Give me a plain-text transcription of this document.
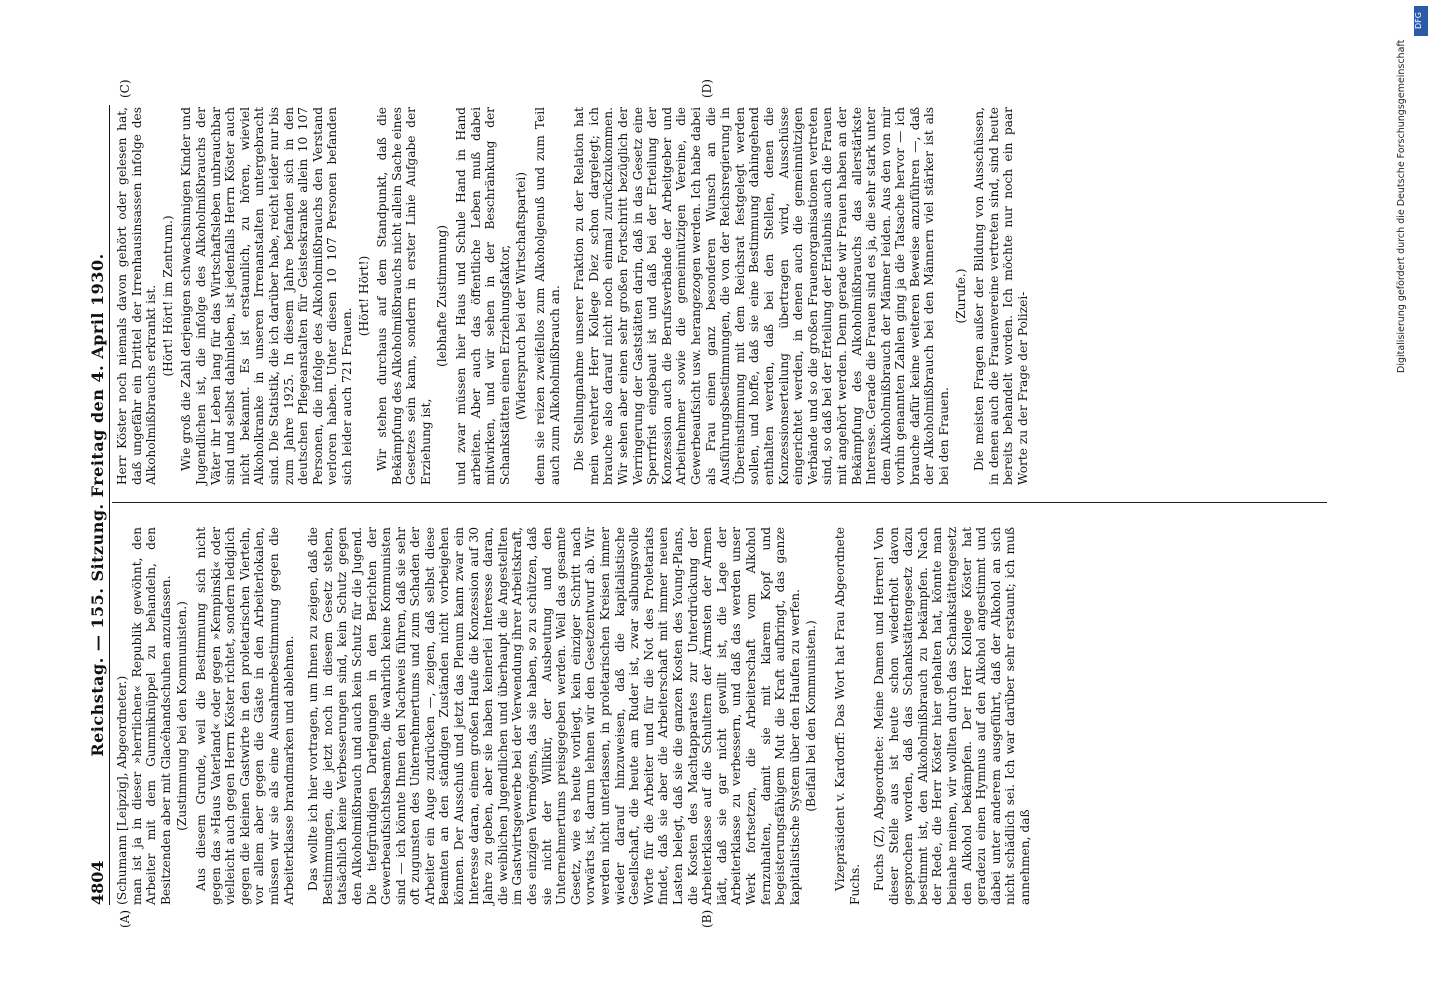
4804
Reichstag. — 155. Sitzung. Freitag den 4. April 1930.
(A)	(B)
(C)	(D)

(Schumann [Leipzig], Abgeordneter.) man ist ja in dieser »herrlichen« Republik gewöhnt, den Arbeiter mit dem Gummiknüppel zu behandeln, den Besitzenden aber mit Glacéhandschuhen anzufassen. (Zustimmung bei den Kommunisten.) Aus diesem Grunde, weil die Bestimmung sich nicht gegen das »Haus Vaterland« oder gegen »Kempinski« oder vielleicht auch gegen Herrn Köster richtet, sondern lediglich gegen die kleinen Gastwirte in den proletarischen Vierteln, vor allem aber gegen die Gäste in den Arbeiterlokalen, müssen wir sie als eine Ausnahmebestimmung gegen die Arbeiterklasse brandmarken und ablehnen. Das wollte ich hier vortragen, um Ihnen zu zeigen, daß die Bestimmungen, die jetzt noch in diesem Gesetz stehen, tatsächlich keine Verbesserungen sind, kein Schutz gegen den Alkoholmißbrauch und auch kein Schutz für die Jugend. Die tiefgründigen Darlegungen in den Berichten der Gewerbeaufsichtsbeamten, die wahrlich keine Kommunisten sind — ich könnte Ihnen den Nachweis führen, daß sie sehr oft zugunsten des Unternehmertums und zum Schaden der Arbeiter ein Auge zudrücken —, zeigen, daß selbst diese Beamten an den ständigen Zuständen nicht vorbeigehen können. Der Ausschuß und jetzt das Plenum kann zwar ein Interesse daran, einem großen Haufe die Konzession auf 30 Jahre zu geben, aber sie haben keinerlei Interesse daran, die weiblichen Jugendlichen und überhaupt die Angestellten im Gastwirtsgewerbe bei der Verwendung ihrer Arbeitskraft, des einzigen Vermögens, das sie haben, so zu schützen, daß sie nicht der Willkür, der Ausbeutung und den Unternehmertums preisgegeben werden. Weil das gesamte Gesetz, wie es heute vorliegt, kein einziger Schritt nach vorwärts ist, darum lehnen wir den Gesetzentwurf ab. Wir werden nicht unterlassen, in proletarischen Kreisen immer wieder darauf hinzuweisen, daß die kapitalistische Gesellschaft, die heute am Ruder ist, zwar salbungsvolle Worte für die Arbeiter und für die Not des Proletariats findet, daß sie aber die Arbeiterschaft mit immer neuen Lasten belegt, daß sie die ganzen Kosten des Young-Plans, die Kosten des Machtapparates zur Unterdrückung der Arbeiterklasse auf die Schultern der Ärmsten der Armen lädt, daß sie gar nicht gewillt ist, die Lage der Arbeiterklasse zu verbessern, und daß das werden unser Werk fortsetzen, die Arbeiterschaft vom Alkohol fernzuhalten, damit sie mit klarem Kopf und begeisterungsfähigem Mut die Kraft aufbringt, das ganze kapitalistische System über den Haufen zu werfen. (Beifall bei den Kommunisten.) Vizepräsident v. Kardorff: Das Wort hat Frau Abgeordnete Fuchs. Fuchs (Z), Abgeordnete: Meine Damen und Herren! Von dieser Stelle aus ist heute schon wiederholt davon gesprochen worden, daß das Schankstättengesetz dazu bestimmt ist, den Alkoholmißbrauch zu bekämpfen. Nach der Rede, die Herr Köster hier gehalten hat, könnte man beinahe meinen, wir wollten durch das Schankstättengesetz den Alkohol bekämpfen. Der Herr Kollege Köster hat geradezu einen Hymnus auf den Alkohol angestimmt und dabei unter anderem ausgeführt, daß der Alkohol an sich nicht schädlich sei. Ich war darüber sehr erstaunt; ich muß annehmen, daß

Herr Köster noch niemals davon gehört oder gelesen hat, daß ungefähr ein Drittel der Irrenhausinsassen infolge des Alkoholmißbrauchs erkrankt ist. (Hört! Hört! im Zentrum.) Wie groß die Zahl derjenigen schwachsinnigen Kinder und Jugendlichen ist, die infolge des Alkoholmißbrauchs der Väter ihr Leben lang für das Wirtschaftsleben unbrauchbar sind und selbst dahinleben, ist jedenfalls Herrn Köster auch nicht bekannt. Es ist erstaunlich, zu hören, wieviel Alkoholkranke in unseren Irrenanstalten untergebracht sind. Die Statistik, die ich darüber habe, reicht leider nur bis zum Jahre 1925. In diesem Jahre befanden sich in den deutschen Pflegeanstalten für Geisteskranke allein 10 107 Personen, die infolge des Alkoholmißbrauchs den Verstand verloren haben. Unter diesen 10 107 Personen befanden sich leider auch 721 Frauen.

(Hört! Hört!) Wir stehen durchaus auf dem Standpunkt, daß die Bekämpfung des Alkoholmißbrauchs nicht allein Sache eines Gesetzes sein kann, sondern in erster Linie Aufgabe der Erziehung ist,

(lebhafte Zustimmung) und zwar müssen hier Haus und Schule Hand in Hand arbeiten. Aber auch das öffentliche Leben muß dabei mitwirken, und wir sehen in der Beschränkung der Schankstätten einen Erziehungsfaktor, (Widerspruch bei der Wirtschaftspartei) denn sie reizen zweifellos zum Alkoholgenuß und zum Teil auch zum Alkoholmißbrauch an. Die Stellungnahme unserer Fraktion zu der Relation hat mein verehrter Herr Kollege Diez schon dargelegt; ich brauche also darauf nicht noch einmal zurückzukommen. Wir sehen aber einen sehr großen Fortschritt bezüglich der Verringerung der Gaststätten darin, daß in das Gesetz eine Sperrfrist eingebaut ist und daß bei der Erteilung der Konzession auch die Berufsverbände der Arbeitgeber und Arbeitnehmer sowie die gemeinnützigen Vereine, die Gewerbeaufsicht usw. herangezogen werden. Ich habe dabei als Frau einen ganz besonderen Wunsch an die Ausführungsbestimmungen, die von der Reichsregierung in Übereinstimmung mit dem Reichsrat festgelegt werden sollen, und hoffe, daß sie eine Bestimmung dahingehend enthalten werden, daß bei den Stellen, denen die Konzessionserteilung übertragen wird, Ausschüsse eingerichtet werden, in denen auch die gemeinnützigen Verbände und so die großen Frauenorganisationen vertreten sind, so daß bei der Erteilung der Erlaubnis auch die Frauen mit angehört werden. Denn gerade wir Frauen haben an der Bekämpfung des Alkoholmißbrauchs das allerstärkste Interesse. Gerade die Frauen sind es ja, die sehr stark unter dem Alkoholmißbrauch der Männer leiden. Aus den von mir vorhin genannten Zahlen ging ja die Tatsache hervor — ich brauche dafür keine weiteren Beweise anzuführen —, daß der Alkoholmißbrauch bei den Männern viel stärker ist als bei den Frauen.

(Zurufe.) Die meisten Fragen außer der Bildung von Ausschüssen, in denen auch die Frauenvereine vertreten sind, sind heute bereits behandelt worden. Ich möchte nur noch ein paar Worte zu der Frage der Polizei-

Digitalisierung gefördert durch die Deutsche Forschungsgemeinschaft
DFG
